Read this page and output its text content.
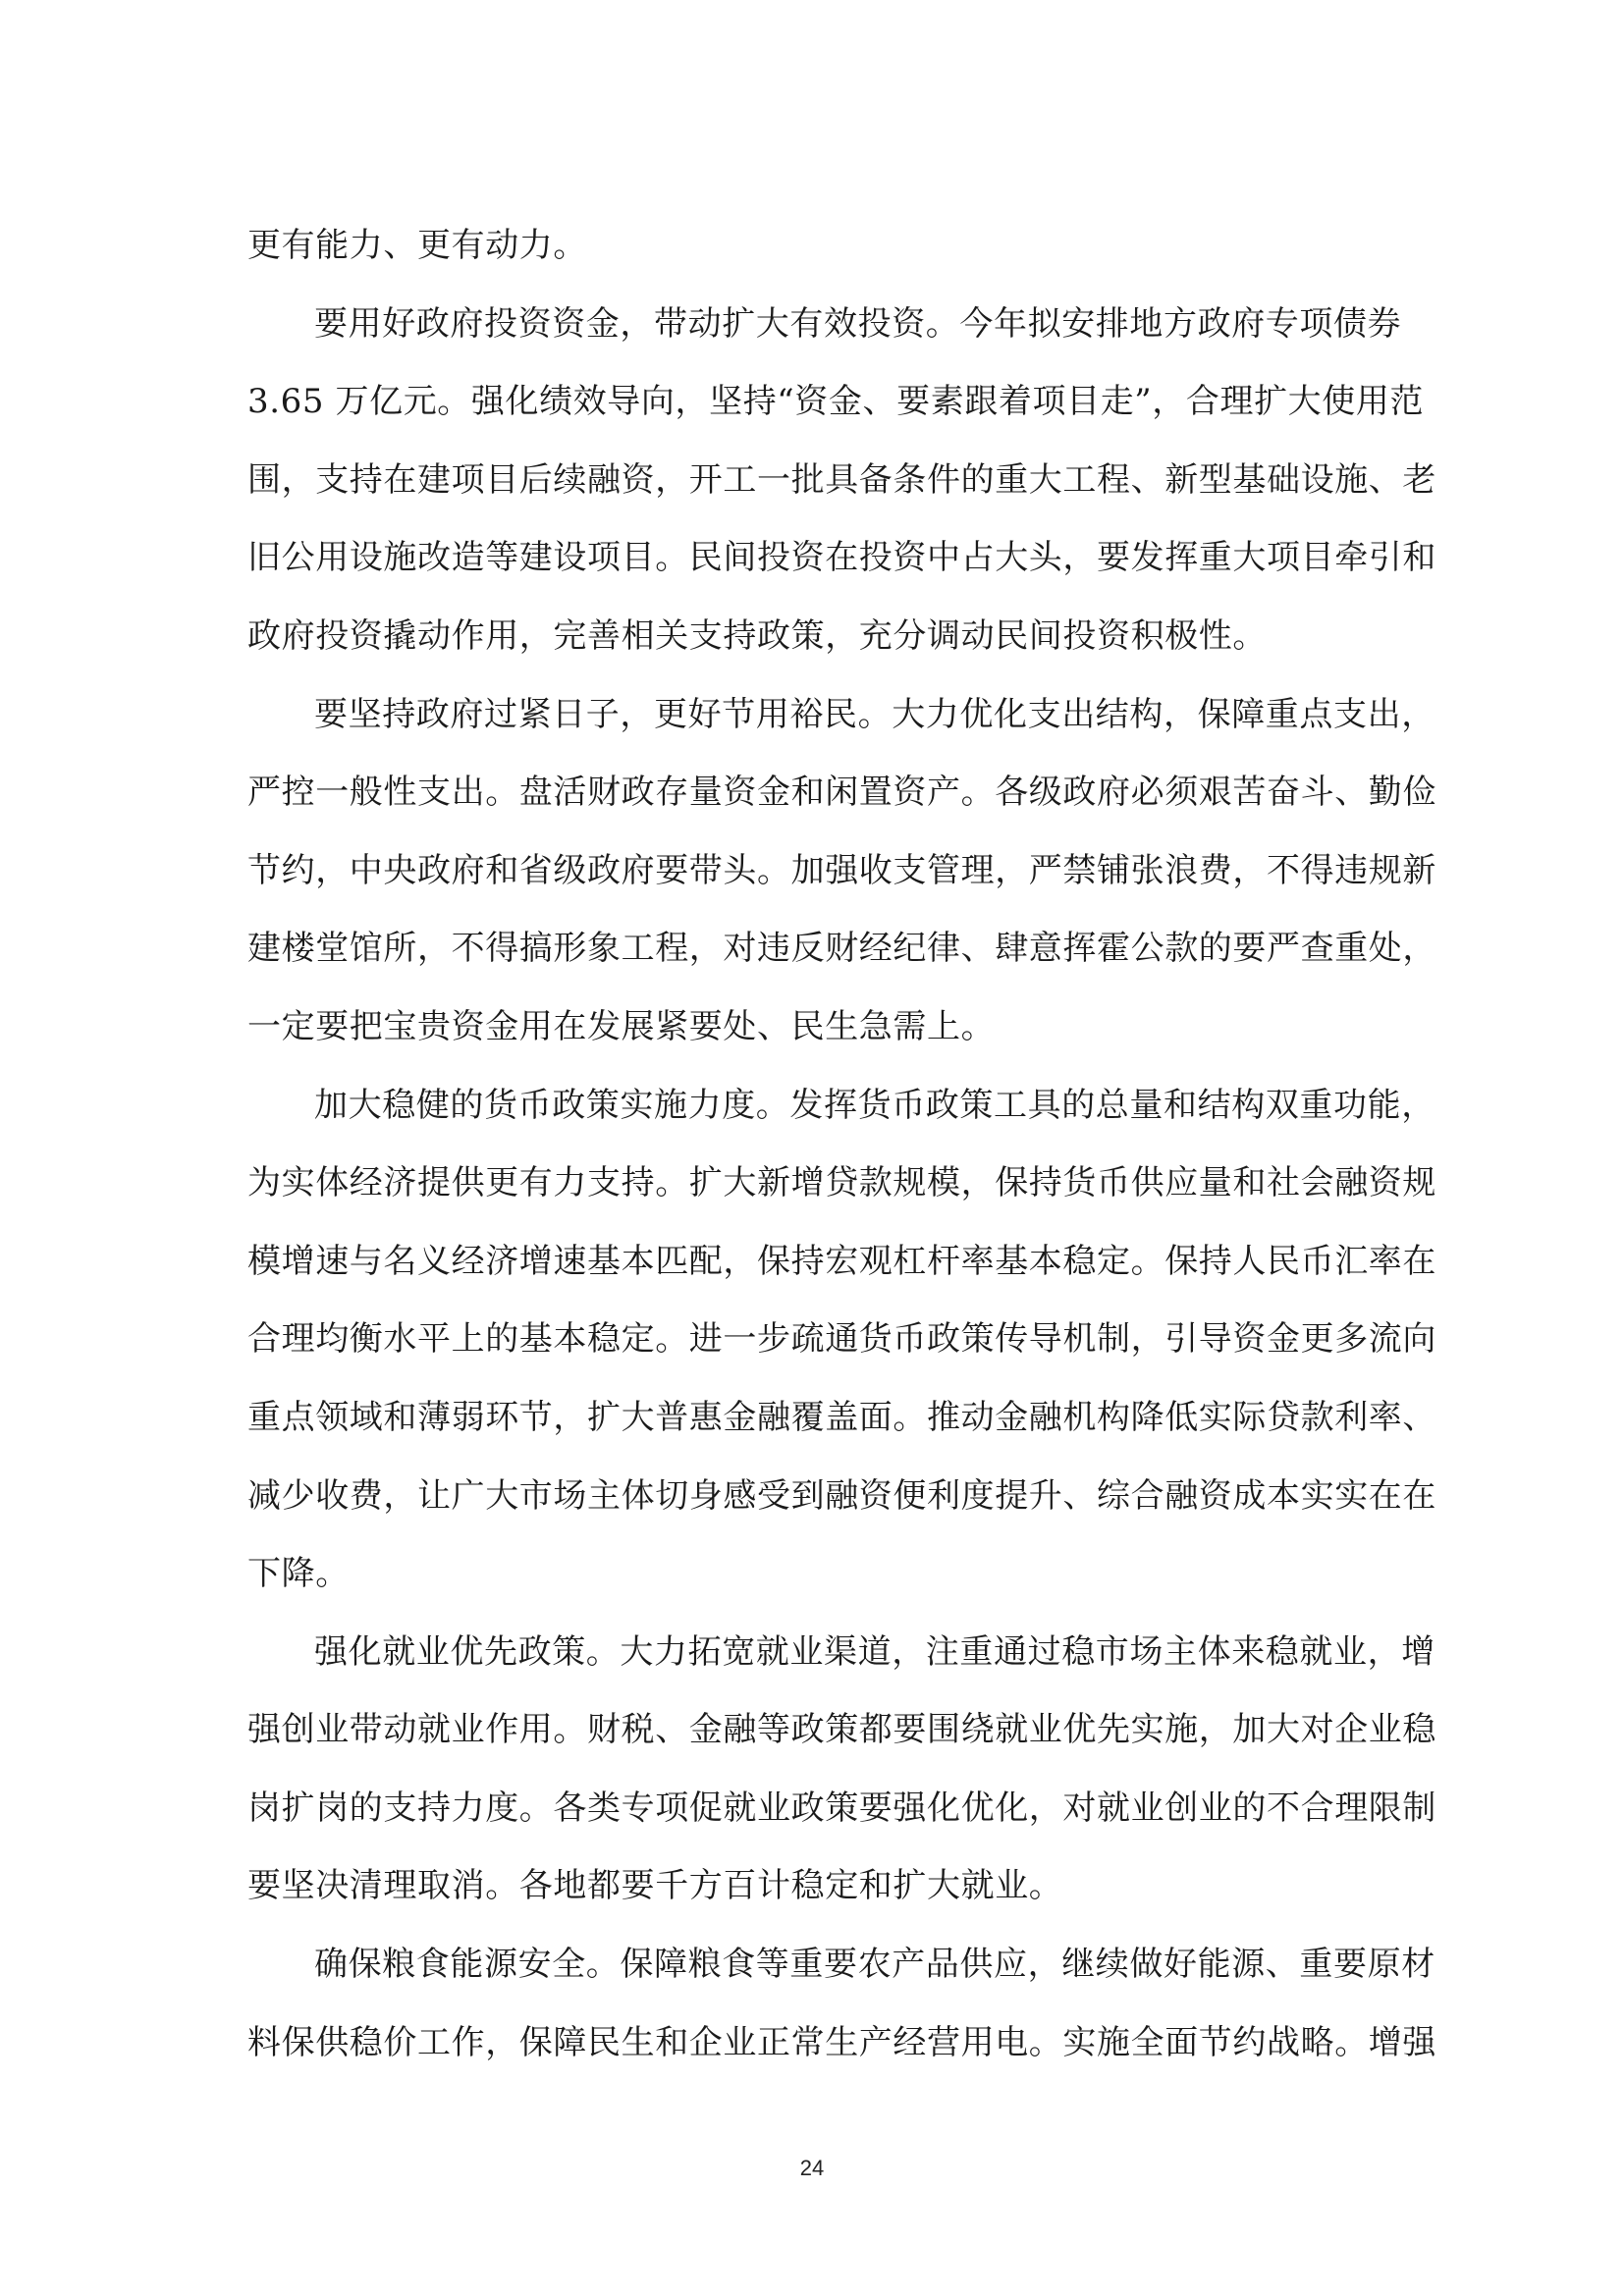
更有能力、更有动力。
要用好政府投资资金，带动扩大有效投资。今年拟安排地方政府专项债券
3.65 万亿元。强化绩效导向，坚持“资金、要素跟着项目走”，合理扩大使用范
围，支持在建项目后续融资，开工一批具备条件的重大工程、新型基础设施、老
旧公用设施改造等建设项目。民间投资在投资中占大头，要发挥重大项目牵引和
政府投资撬动作用，完善相关支持政策，充分调动民间投资积极性。
要坚持政府过紧日子，更好节用裕民。大力优化支出结构，保障重点支出，
严控一般性支出。盘活财政存量资金和闲置资产。各级政府必须艰苦奋斗、勤俭
节约，中央政府和省级政府要带头。加强收支管理，严禁铺张浪费，不得违规新
建楼堂馆所，不得搞形象工程，对违反财经纪律、肆意挥霍公款的要严查重处，
一定要把宝贵资金用在发展紧要处、民生急需上。
加大稳健的货币政策实施力度。发挥货币政策工具的总量和结构双重功能，
为实体经济提供更有力支持。扩大新增贷款规模，保持货币供应量和社会融资规
模增速与名义经济增速基本匹配，保持宏观杠杆率基本稳定。保持人民币汇率在
合理均衡水平上的基本稳定。进一步疏通货币政策传导机制，引导资金更多流向
重点领域和薄弱环节，扩大普惠金融覆盖面。推动金融机构降低实际贷款利率、
减少收费，让广大市场主体切身感受到融资便利度提升、综合融资成本实实在在
下降。
强化就业优先政策。大力拓宽就业渠道，注重通过稳市场主体来稳就业，增
强创业带动就业作用。财税、金融等政策都要围绕就业优先实施，加大对企业稳
岗扩岗的支持力度。各类专项促就业政策要强化优化，对就业创业的不合理限制
要坚决清理取消。各地都要千方百计稳定和扩大就业。
确保粮食能源安全。保障粮食等重要农产品供应，继续做好能源、重要原材
料保供稳价工作，保障民生和企业正常生产经营用电。实施全面节约战略。增强
24
